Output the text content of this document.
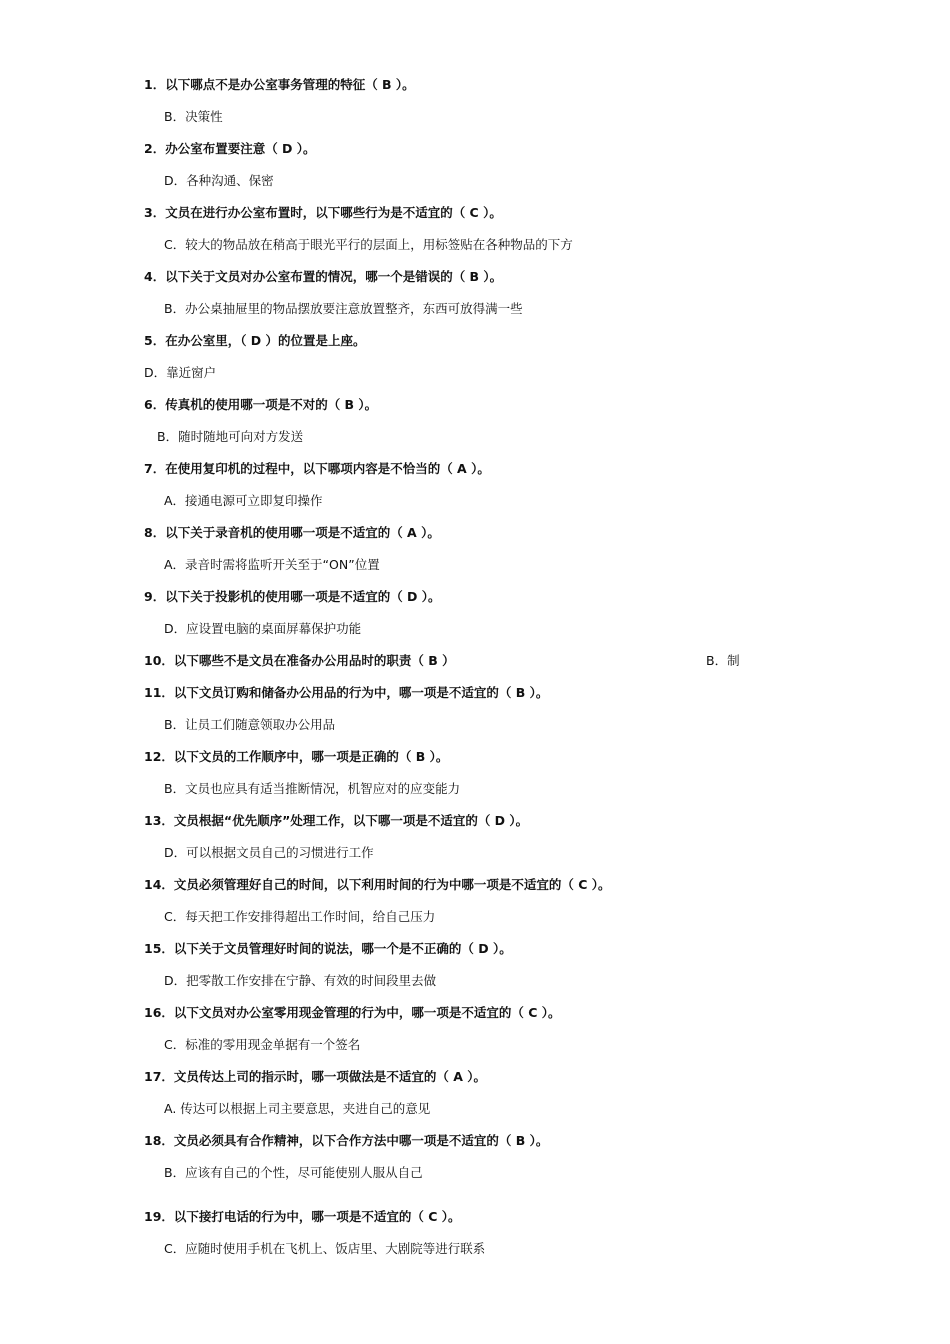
1．以下哪点不是办公室事务管理的特征（ B ）。
B．决策性
2．办公室布置要注意（ D ）。
D．各种沟通、保密
3．文员在进行办公室布置时，以下哪些行为是不适宜的（ C ）。
C．较大的物品放在稍高于眼光平行的层面上，用标签贴在各种物品的下方
4．以下关于文员对办公室布置的情况，哪一个是错误的（ B ）。
B．办公桌抽屉里的物品摆放要注意放置整齐，东西可放得满一些
5．在办公室里，（ D ）的位置是上座。
D．靠近窗户
6．传真机的使用哪一项是不对的（ B ）。
B．随时随地可向对方发送
7．在使用复印机的过程中，以下哪项内容是不恰当的（ A ）。
A．接通电源可立即复印操作
8．以下关于录音机的使用哪一项是不适宜的（ A ）。
A．录音时需将监听开关至于“ON”位置
9．以下关于投影机的使用哪一项是不适宜的（ D ）。
D．应设置电脑的桌面屏幕保护功能
10．以下哪些不是文员在准备办公用品时的职责（ B ）	B．制
11．以下文员订购和储备办公用品的行为中，哪一项是不适宜的（ B ）。
B．让员工们随意领取办公用品
12．以下文员的工作顺序中，哪一项是正确的（ B ）。
B．文员也应具有适当推断情况，机智应对的应变能力
13．文员根据“优先顺序”处理工作，以下哪一项是不适宜的（ D ）。
D．可以根据文员自己的习惯进行工作
14．文员必须管理好自己的时间，以下利用时间的行为中哪一项是不适宜的（ C ）。
C．每天把工作安排得超出工作时间，给自己压力
15．以下关于文员管理好时间的说法，哪一个是不正确的（ D ）。
D．把零散工作安排在宁静、有效的时间段里去做
16．以下文员对办公室零用现金管理的行为中，哪一项是不适宜的（ C ）。
C．标准的零用现金单据有一个签名
17．文员传达上司的指示时，哪一项做法是不适宜的（ A ）。
A. 传达可以根据上司主要意思，夹进自己的意见
18．文员必须具有合作精神，以下合作方法中哪一项是不适宜的（ B ）。
B．应该有自己的个性，尽可能使别人服从自己
19．以下接打电话的行为中，哪一项是不适宜的（ C ）。
C．应随时使用手机在飞机上、饭店里、大剧院等进行联系
